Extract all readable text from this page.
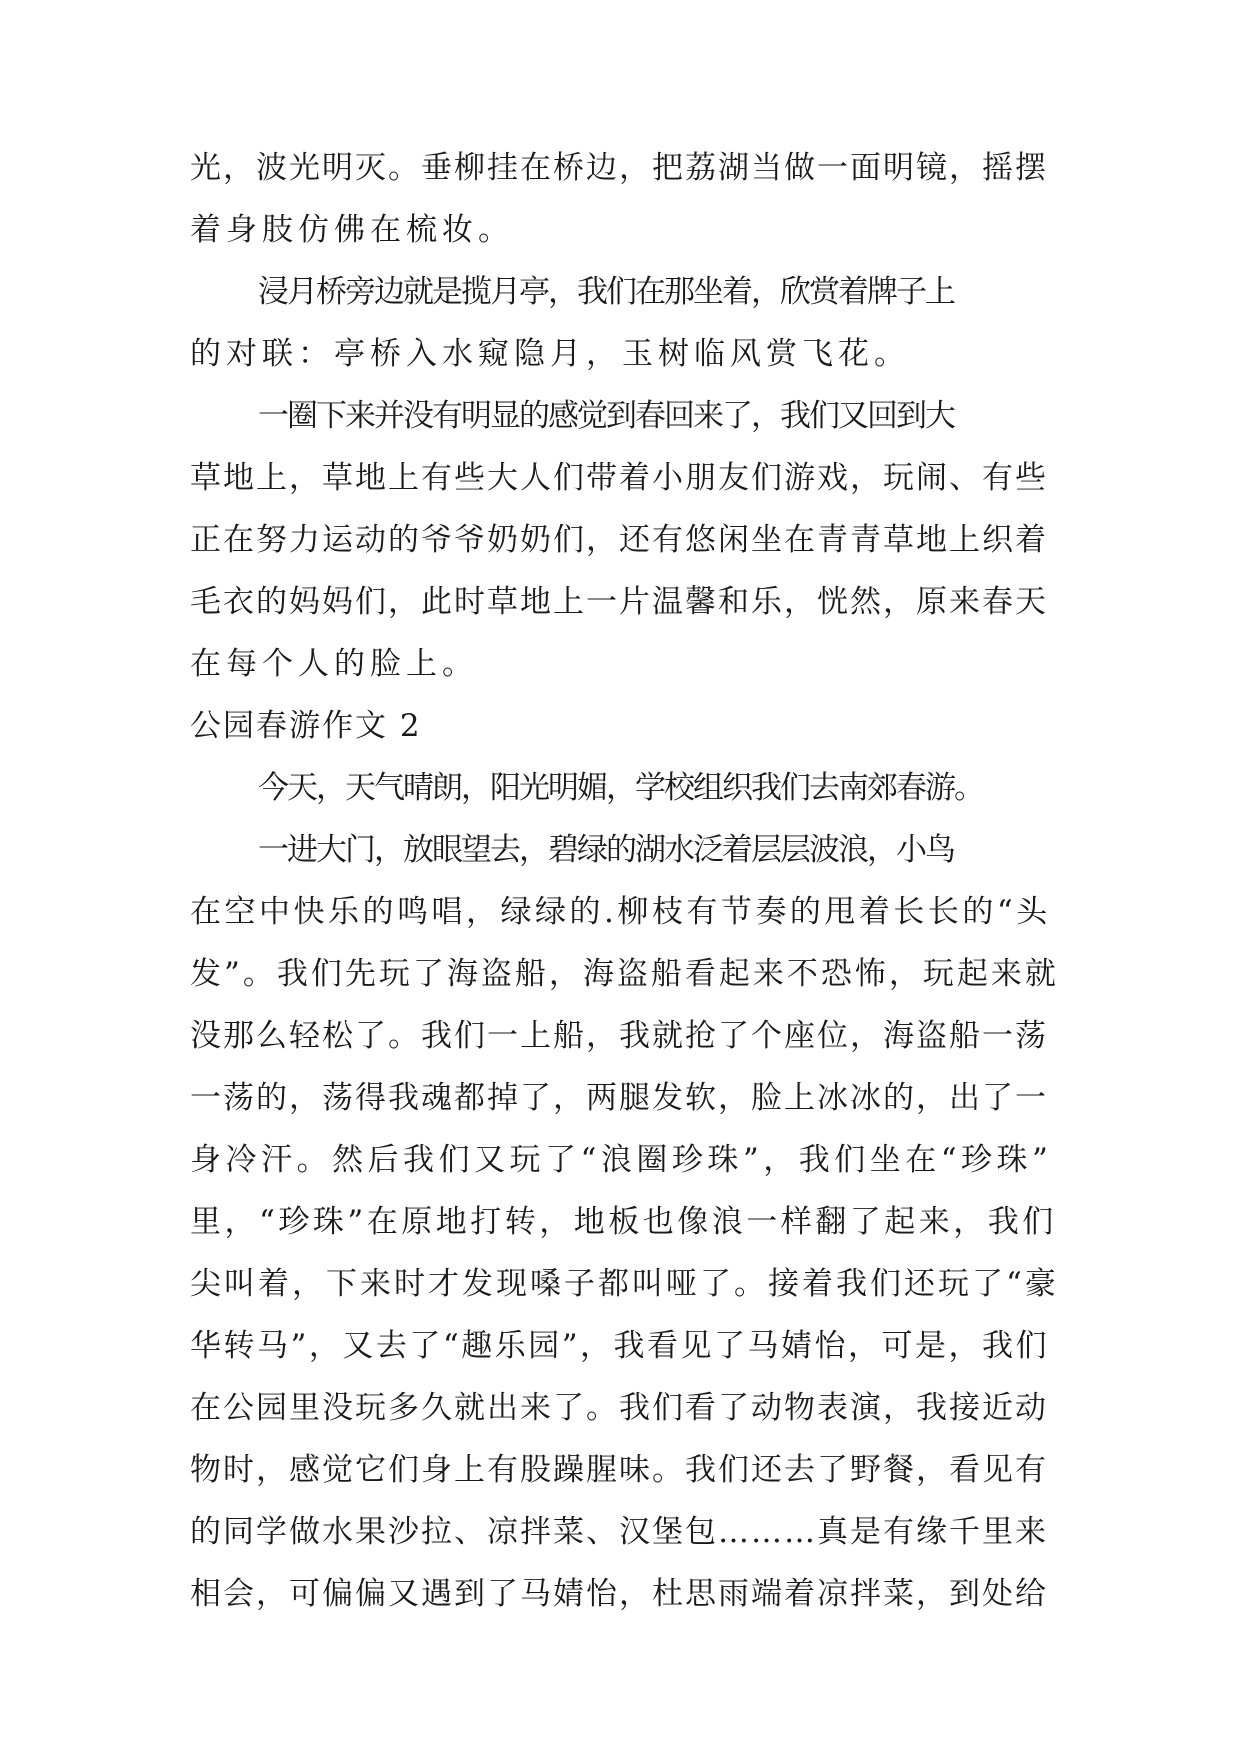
光，波光明灭。垂柳挂在桥边，把荔湖当做一面明镜，摇摆
着身肢仿佛在梳妆。
浸月桥旁边就是揽月亭，我们在那坐着，欣赏着牌子上
的对联：亭桥入水窥隐月，玉树临风赏飞花。
一圈下来并没有明显的感觉到春回来了，我们又回到大
草地上，草地上有些大人们带着小朋友们游戏，玩闹、有些
正在努力运动的爷爷奶奶们，还有悠闲坐在青青草地上织着
毛衣的妈妈们，此时草地上一片温馨和乐，恍然，原来春天
在每个人的脸上。
公园春游作文 2
今天，天气晴朗，阳光明媚，学校组织我们去南郊春游。
一进大门，放眼望去，碧绿的湖水泛着层层波浪，小鸟
在空中快乐的鸣唱，绿绿的.柳枝有节奏的甩着长长的“头
发”。我们先玩了海盗船，海盗船看起来不恐怖，玩起来就
没那么轻松了。我们一上船，我就抢了个座位，海盗船一荡
一荡的，荡得我魂都掉了，两腿发软，脸上冰冰的，出了一
身冷汗。然后我们又玩了“浪圈珍珠”，我们坐在“珍珠”
里，“珍珠”在原地打转，地板也像浪一样翻了起来，我们
尖叫着，下来时才发现嗓子都叫哑了。接着我们还玩了“豪
华转马”，又去了“趣乐园”，我看见了马婧怡，可是，我们
在公园里没玩多久就出来了。我们看了动物表演，我接近动
物时，感觉它们身上有股躁腥味。我们还去了野餐，看见有
的同学做水果沙拉、凉拌菜、汉堡包………真是有缘千里来
相会，可偏偏又遇到了马婧怡，杜思雨端着凉拌菜，到处给
